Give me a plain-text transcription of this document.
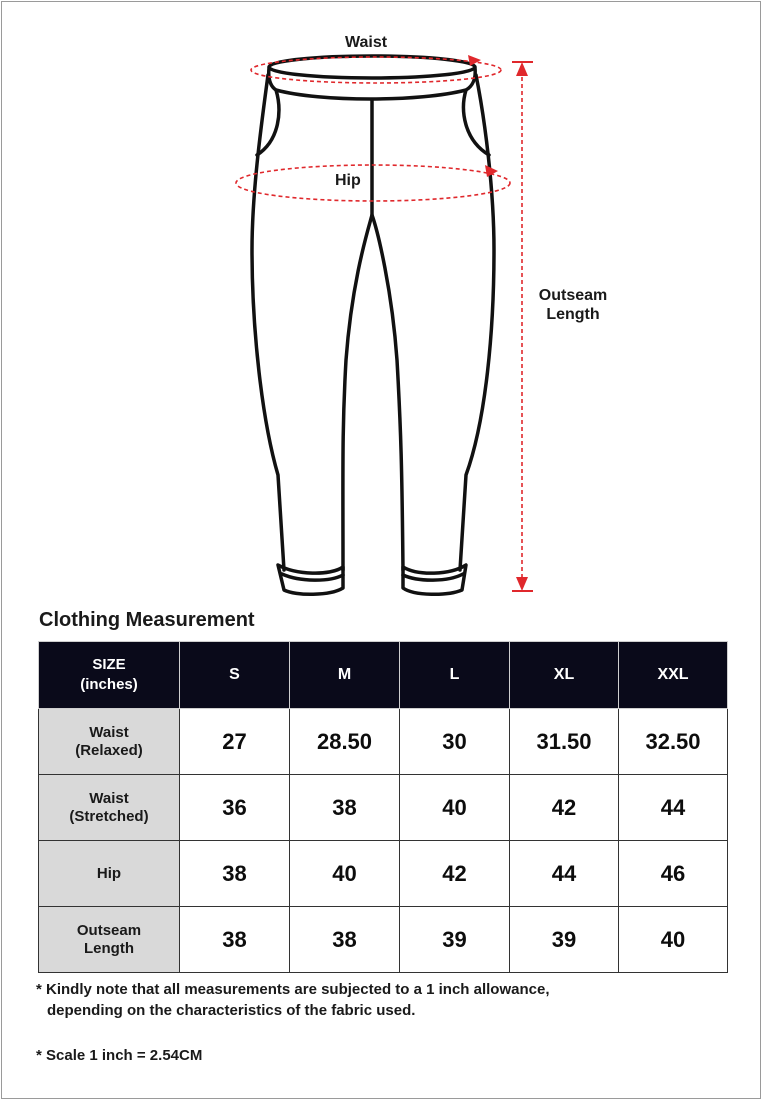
Waist
Hip
Outseam
Length
Clothing Measurement
SIZE
(inches)	S	M	L	XL	XXL

Waist
(Relaxed)	27	28.50	30	31.50	32.50

Waist
(Stretched)	36	38	40	42	44

Hip	38	40	42	44	46

Outseam
Length	38	38	39	39	40
* Kindly note that all measurements are subjected to a 1 inch allowance,
depending on the characteristics of the fabric used.
* Scale 1 inch = 2.54CM
